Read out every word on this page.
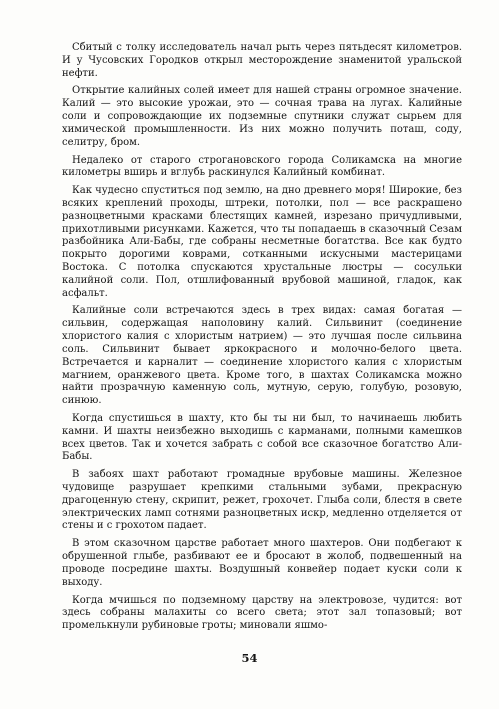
Сбитый с толку исследователь начал рыть через пятьдесят километров. И у Чусовских Городков открыл месторождение знаменитой уральской нефти.

Открытие калийных солей имеет для нашей страны огромное значение. Калий — это высокие урожаи, это — сочная трава на лугах. Калийные соли и сопровождающие их подземные спутники служат сырьем для химической промышленности. Из них можно получить поташ, соду, селитру, бром.

Недалеко от старого строгановского города Соликамска на многие километры вширь и вглубь раскинулся Калийный комбинат.

Как чудесно спуститься под землю, на дно древнего моря! Широкие, без всяких креплений проходы, штреки, потолки, пол — все раскрашено разноцветными красками блестящих камней, изрезано причудливыми, прихотливыми рисунками. Кажется, что ты попадаешь в сказочный Сезам разбойника Али-Бабы, где собраны несметные богатства. Все как будто покрыто дорогими коврами, сотканными искусными мастерицами Востока. С потолка спускаются хрустальные люстры — сосульки калийной соли. Пол, отшлифованный врубовой машиной, гладок, как асфальт.

Калийные соли встречаются здесь в трех видах: самая богатая — сильвин, содержащая наполовину калий. Сильвинит (соединение хлористого калия с хлористым натрием) — это лучшая после сильвина соль. Сильвинит бывает яркокрасного и молочно-белого цвета. Встречается и карналит — соединение хлористого калия с хлористым магнием, оранжевого цвета. Кроме того, в шахтах Соликамска можно найти прозрачную каменную соль, мутную, серую, голубую, розовую, синюю.

Когда спустишься в шахту, кто бы ты ни был, то начинаешь любить камни. И шахты неизбежно выходишь с карманами, полными камешков всех цветов. Так и хочется забрать с собой все сказочное богатство Али-Бабы.

В забоях шахт работают громадные врубовые машины. Железное чудовище разрушает крепкими стальными зубами, прекрасную драгоценную стену, скрипит, режет, грохочет. Глыба соли, блестя в свете электрических ламп сотнями разноцветных искр, медленно отделяется от стены и с грохотом падает.

В этом сказочном царстве работает много шахтеров. Они подбегают к обрушенной глыбе, разбивают ее и бросают в жолоб, подвешенный на проводе посредине шахты. Воздушный конвейер подает куски соли к выходу.

Когда мчишься по подземному царству на электровозе, чудится: вот здесь собраны малахиты со всего света; этот зал топазовый; вот промелькнули рубиновые гроты; миновали яшмо-

54
